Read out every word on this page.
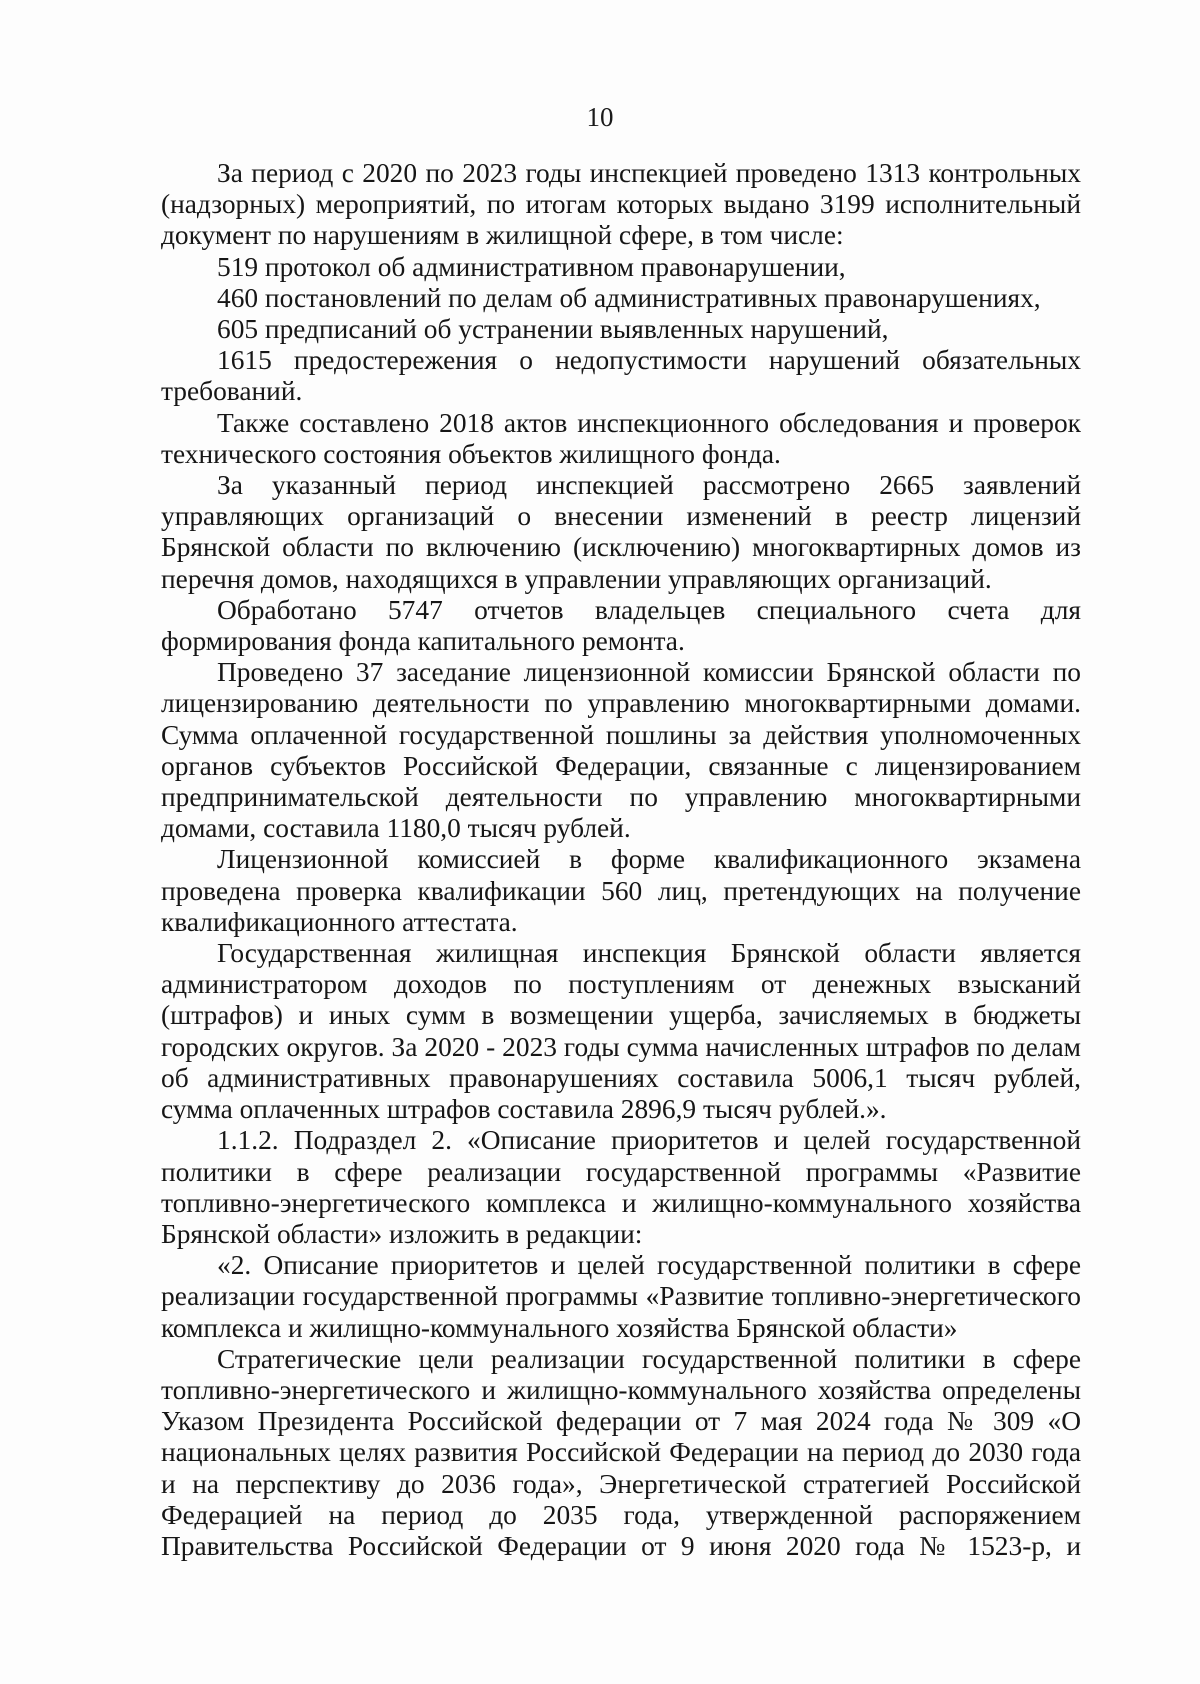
10

За период с 2020 по 2023 годы инспекцией проведено 1313 контрольных (надзорных) мероприятий, по итогам которых выдано 3199 исполнительный документ по нарушениям в жилищной сфере, в том числе:

519 протокол об административном правонарушении,

460 постановлений по делам об административных правонарушениях,

605 предписаний об устранении выявленных нарушений,

1615 предостережения о недопустимости нарушений обязательных требований.

Также составлено 2018 актов инспекционного обследования и проверок технического состояния объектов жилищного фонда.

За указанный период инспекцией рассмотрено 2665 заявлений управляющих организаций о внесении изменений в реестр лицензий Брянской области по включению (исключению) многоквартирных домов из перечня домов, находящихся в управлении управляющих организаций.

Обработано 5747 отчетов владельцев специального счета для формирования фонда капитального ремонта.

Проведено 37 заседание лицензионной комиссии Брянской области по лицензированию деятельности по управлению многоквартирными домами. Сумма оплаченной государственной пошлины за действия уполномоченных органов субъектов Российской Федерации, связанные с лицензированием предпринимательской деятельности по управлению многоквартирными домами, составила 1180,0 тысяч рублей.

Лицензионной комиссией в форме квалификационного экзамена проведена проверка квалификации 560 лиц, претендующих на получение квалификационного аттестата.

Государственная жилищная инспекция Брянской области является администратором доходов по поступлениям от денежных взысканий (штрафов) и иных сумм в возмещении ущерба, зачисляемых в бюджеты городских округов. За 2020 - 2023 годы сумма начисленных штрафов по делам об административных правонарушениях составила 5006,1 тысяч рублей, сумма оплаченных штрафов составила 2896,9 тысяч рублей.».

1.1.2. Подраздел 2. «Описание приоритетов и целей государственной политики в сфере реализации государственной программы «Развитие топливно-энергетического комплекса и жилищно-коммунального хозяйства Брянской области» изложить в редакции:

«2. Описание приоритетов и целей государственной политики в сфере реализации государственной программы «Развитие топливно-энергетического комплекса и жилищно-коммунального хозяйства Брянской области»

Стратегические цели реализации государственной политики в сфере топливно-энергетического и жилищно-коммунального хозяйства определены Указом Президента Российской федерации от 7 мая 2024 года № 309 «О национальных целях развития Российской Федерации на период до 2030 года и на перспективу до 2036 года», Энергетической стратегией Российской Федерацией на период до 2035 года, утвержденной распоряжением Правительства Российской Федерации от 9 июня 2020 года № 1523-р, и
